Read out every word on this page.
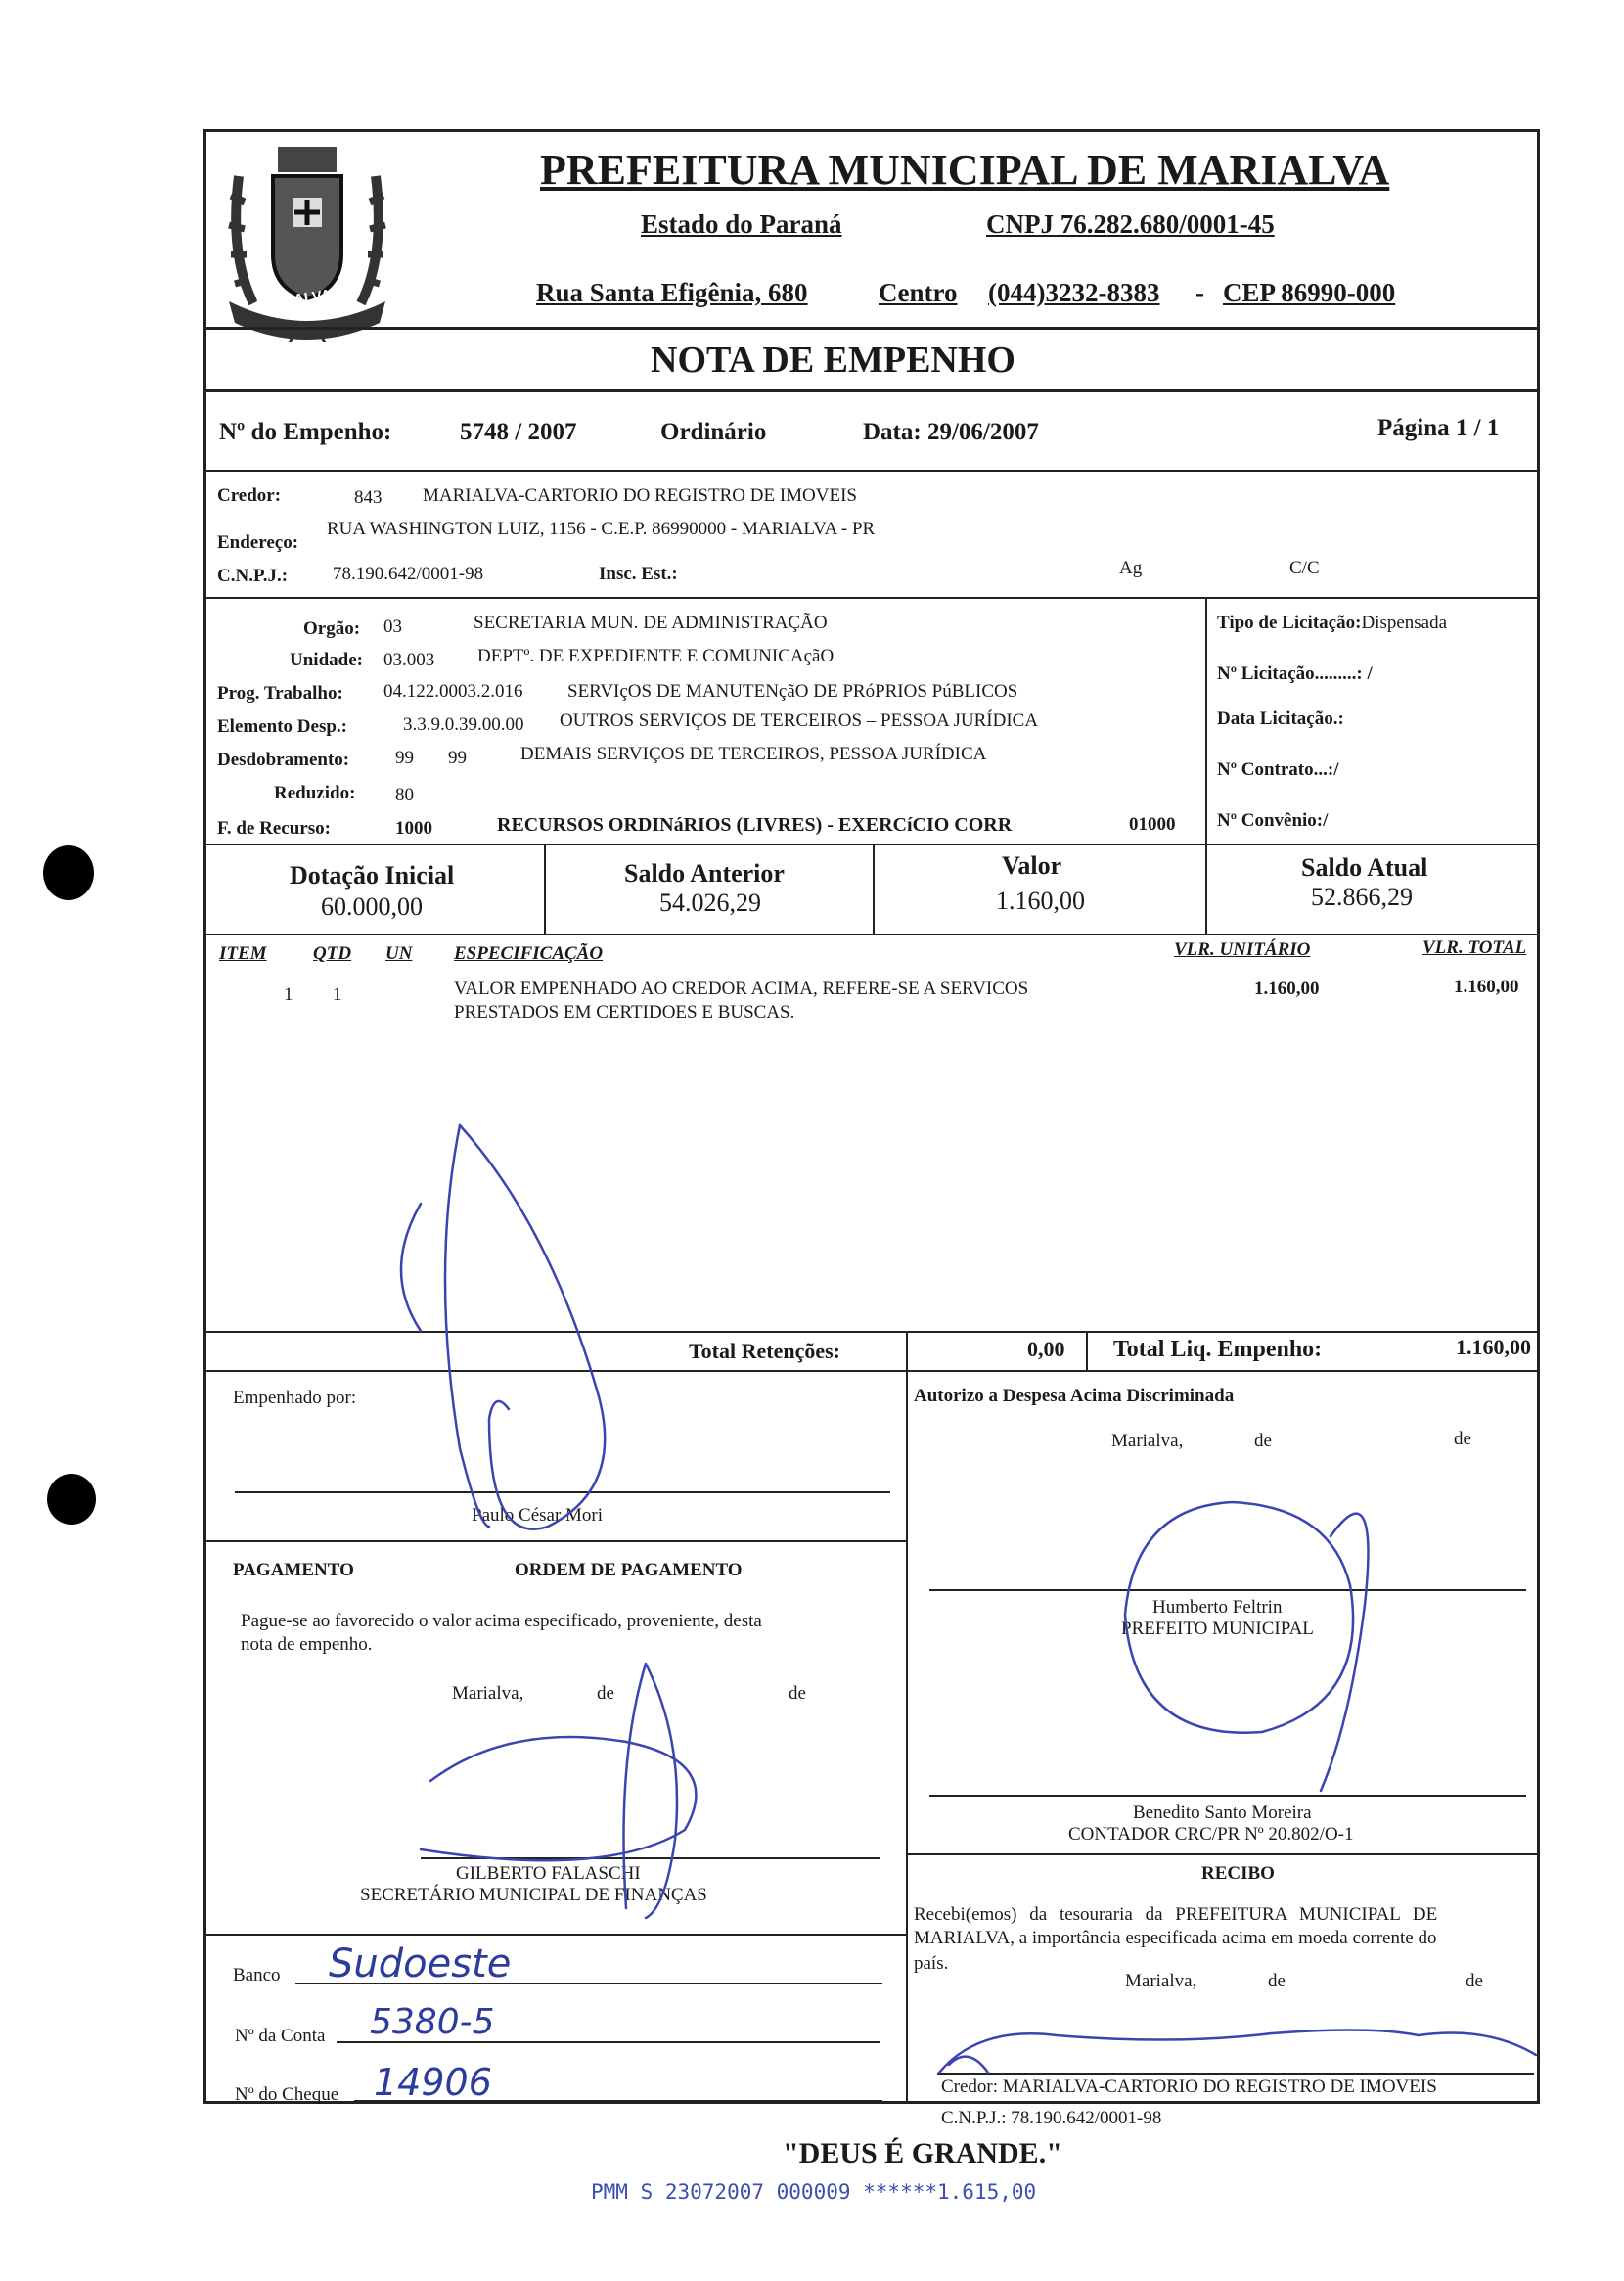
MARIALVA
PREFEITURA MUNICIPAL DE MARIALVA
Estado do Paraná	CNPJ 76.282.680/0001-45
Rua Santa Efigênia, 680	Centro (044)3232-8383 - CEP 86990-000
NOTA DE EMPENHO
Nº do Empenho:	5748 / 2007	Ordinário	Data: 29/06/2007	Página 1 / 1
Credor:	843 MARIALVA-CARTORIO DO REGISTRO DE IMOVEIS
Endereço:
RUA WASHINGTON LUIZ, 1156 - C.E.P. 86990000 - MARIALVA - PR
C.N.P.J.: 78.190.642/0001-98	Insc. Est.:	Ag	C/C
Orgão: 03	SECRETARIA MUN. DE ADMINISTRAÇÃO
Unidade: 03.003 DEPTº. DE EXPEDIENTE E COMUNICAçãO
Prog. Trabalho: 04.122.0003.2.016 SERVIçOS DE MANUTENçãO DE PRóPRIOS PúBLICOS
Elemento Desp.:	3.3.9.0.39.00.00 OUTROS SERVIÇOS DE TERCEIROS – PESSOA JURÍDICA
Desdobramento: 99 99	DEMAIS SERVIÇOS DE TERCEIROS, PESSOA JURÍDICA
Reduzido: 80
F. de Recurso:	1000	RECURSOS ORDINáRIOS (LIVRES) - EXERCíCIO CORR	01000
Tipo de Licitação:Dispensada
Nº Licitação.........: /
Data Licitação.:
Nº Contrato...:/
Nº Convênio:/
Dotação Inicial
60.000,00
Saldo Anterior
54.026,29
Valor
1.160,00
Saldo Atual
52.866,29
ITEM QTD UN ESPECIFICAÇÃO	VLR. UNITÁRIO	VLR. TOTAL
1 1	VALOR EMPENHADO AO CREDOR ACIMA, REFERE-SE A SERVICOS
PRESTADOS EM CERTIDOES E BUSCAS.
1.160,00	1.160,00
Total Retenções:	0,00 Total Liq. Empenho:	1.160,00
Empenhado por:
Paulo César Mori
Autorizo a Despesa Acima Discriminada
Marialva,	de	de
Humberto Feltrin
PREFEITO MUNICIPAL
Benedito Santo Moreira
CONTADOR CRC/PR Nº 20.802/O-1
PAGAMENTO	ORDEM DE PAGAMENTO
Pague-se ao favorecido o valor acima especificado, proveniente, desta
nota de empenho.
Marialva,	de	de
GILBERTO FALASCHI
SECRETÁRIO MUNICIPAL DE FINANÇAS
Banco Sudoeste
Nº da Conta 5380-5
Nº do Cheque 14906
RECIBO
Recebi(emos) da tesouraria da PREFEITURA MUNICIPAL DE
MARIALVA, a importância especificada acima em moeda corrente do
país.
Marialva,	de	de
Credor: MARIALVA-CARTORIO DO REGISTRO DE IMOVEIS
C.N.P.J.: 78.190.642/0001-98
"DEUS É GRANDE."
PMM S 23072007 000009 ******1.615,00
